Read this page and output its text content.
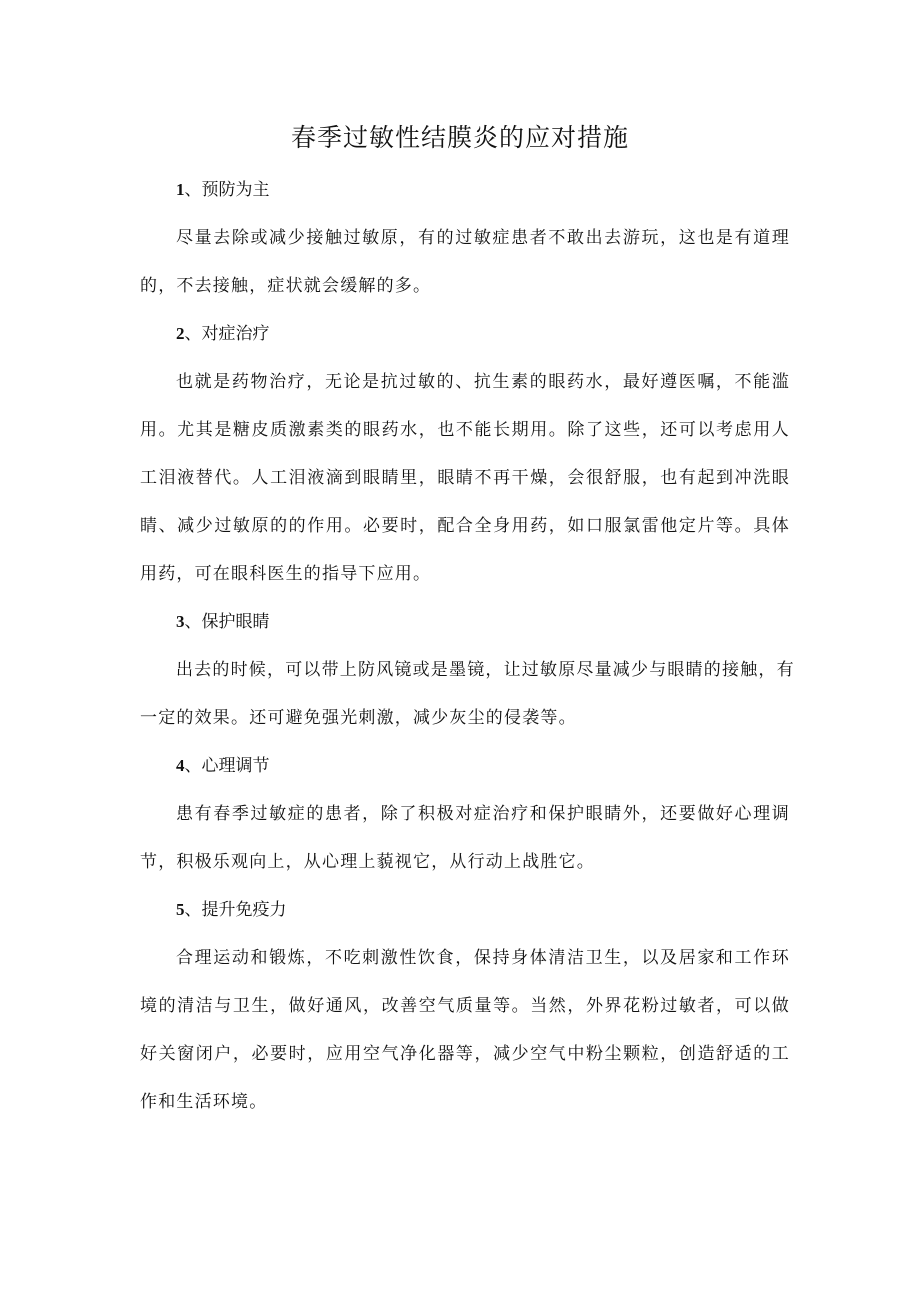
春季过敏性结膜炎的应对措施
1、预防为主
尽量去除或减少接触过敏原，有的过敏症患者不敢出去游玩，这也是有道理
的，不去接触，症状就会缓解的多。
2、对症治疗
也就是药物治疗，无论是抗过敏的、抗生素的眼药水，最好遵医嘱，不能滥
用。尤其是糖皮质激素类的眼药水，也不能长期用。除了这些，还可以考虑用人
工泪液替代。人工泪液滴到眼睛里，眼睛不再干燥，会很舒服，也有起到冲洗眼
睛、减少过敏原的的作用。必要时，配合全身用药，如口服氯雷他定片等。具体
用药，可在眼科医生的指导下应用。
3、保护眼睛
出去的时候，可以带上防风镜或是墨镜，让过敏原尽量减少与眼睛的接触，有
一定的效果。还可避免强光刺激，减少灰尘的侵袭等。
4、心理调节
患有春季过敏症的患者，除了积极对症治疗和保护眼睛外，还要做好心理调
节，积极乐观向上，从心理上藐视它，从行动上战胜它。
5、提升免疫力
合理运动和锻炼，不吃刺激性饮食，保持身体清洁卫生，以及居家和工作环
境的清洁与卫生，做好通风，改善空气质量等。当然，外界花粉过敏者，可以做
好关窗闭户，必要时，应用空气净化器等，减少空气中粉尘颗粒，创造舒适的工
作和生活环境。
